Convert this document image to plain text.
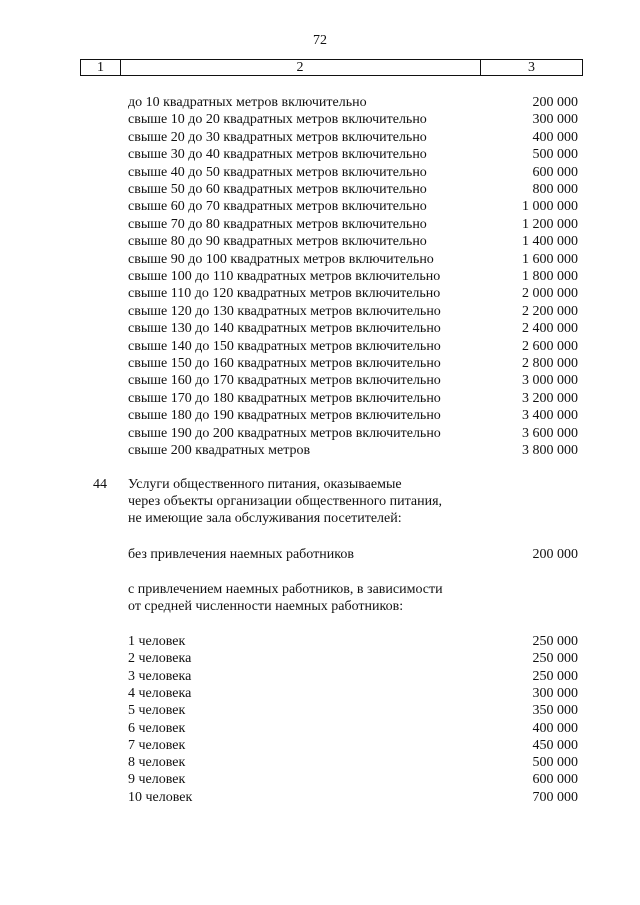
72
1	2	3
до 10 квадратных метров включительно	200 000
свыше 10 до 20 квадратных метров включительно	300 000
свыше 20 до 30 квадратных метров включительно	400 000
свыше 30 до 40 квадратных метров включительно	500 000
свыше 40 до 50 квадратных метров включительно	600 000
свыше 50 до 60 квадратных метров включительно	800 000
свыше 60 до 70 квадратных метров включительно	1 000 000
свыше 70 до 80 квадратных метров включительно	1 200 000
свыше 80 до 90 квадратных метров включительно	1 400 000
свыше 90 до 100 квадратных метров включительно	1 600 000
свыше 100 до 110 квадратных метров включительно	1 800 000
свыше 110 до 120 квадратных метров включительно	2 000 000
свыше 120 до 130 квадратных метров включительно	2 200 000
свыше 130 до 140 квадратных метров включительно	2 400 000
свыше 140 до 150 квадратных метров включительно	2 600 000
свыше 150 до 160 квадратных метров включительно	2 800 000
свыше 160 до 170 квадратных метров включительно	3 000 000
свыше 170 до 180 квадратных метров включительно	3 200 000
свыше 180 до 190 квадратных метров включительно	3 400 000
свыше 190 до 200 квадратных метров включительно	3 600 000
свыше 200 квадратных метров	3 800 000
44 Услуги общественного питания, оказываемые
через объекты организации общественного питания,
не имеющие зала обслуживания посетителей:
без привлечения наемных работников	200 000
с привлечением наемных работников, в зависимости
от средней численности наемных работников:
1 человек	250 000
2 человека	250 000
3 человека	250 000
4 человека	300 000
5 человек	350 000
6 человек	400 000
7 человек	450 000
8 человек	500 000
9 человек	600 000
10 человек	700 000
